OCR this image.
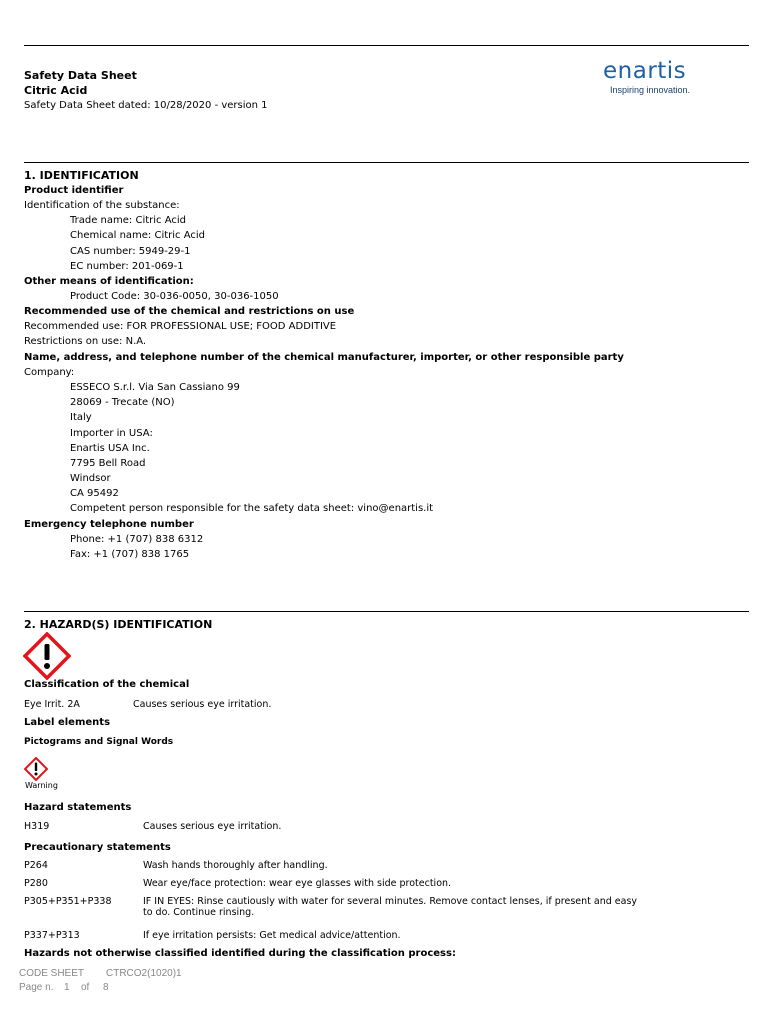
Safety Data Sheet
Citric Acid
Safety Data Sheet dated: 10/28/2020 - version 1
enartis
Inspiring innovation.
1. IDENTIFICATION
Product identifier
Identification of the substance:
Trade name: Citric Acid
Chemical name: Citric Acid
CAS number: 5949-29-1
EC number: 201-069-1
Other means of identification:
Product Code: 30-036-0050, 30-036-1050
Recommended use of the chemical and restrictions on use
Recommended use: FOR PROFESSIONAL USE; FOOD ADDITIVE
Restrictions on use: N.A.
Name, address, and telephone number of the chemical manufacturer, importer, or other responsible party
Company:
ESSECO S.r.l. Via San Cassiano 99
28069 - Trecate (NO)
Italy
Importer in USA:
Enartis USA Inc.
7795 Bell Road
Windsor
CA 95492
Competent person responsible for the safety data sheet: vino@enartis.it
Emergency telephone number
Phone: +1 (707) 838 6312
Fax: +1 (707) 838 1765
2. HAZARD(S) IDENTIFICATION
Classification of the chemical
Eye Irrit. 2A	Causes serious eye irritation.
Label elements
Pictograms and Signal Words
Warning
Hazard statements
H319	Causes serious eye irritation.
Precautionary statements
P264	Wash hands thoroughly after handling.
P280	Wear eye/face protection: wear eye glasses with side protection.
P305+P351+P338	IF IN EYES: Rinse cautiously with water for several minutes. Remove contact lenses, if present and easy
to do. Continue rinsing.
P337+P313	If eye irritation persists: Get medical advice/attention.
Hazards not otherwise classified identified during the classification process:
CODE SHEET CTRCO2(1020)1
Page n. 1 of 8
